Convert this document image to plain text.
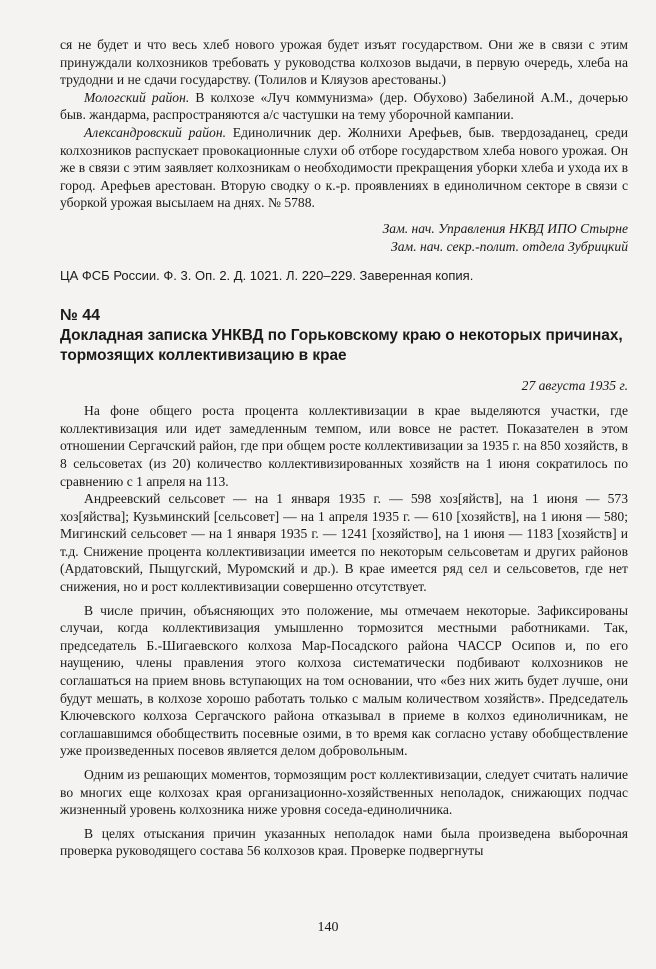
ся не будет и что весь хлеб нового урожая будет изъят государством. Они же в связи с этим принуждали колхозников требовать у руководства колхозов выдачи, в первую очередь, хлеба на трудодни и не сдачи государству. (Толилов и Кляузов арестованы.)

Мологский район. В колхозе «Луч коммунизма» (дер. Обухово) Забелиной А.М., дочерью быв. жандарма, распространяются а/с частушки на тему уборочной кампании.

Александровский район. Единоличник дер. Жолнихи Арефьев, быв. твердозаданец, среди колхозников распускает провокационные слухи об отборе государством хлеба нового урожая. Он же в связи с этим заявляет колхозникам о необходимости прекращения уборки хлеба и ухода их в город. Арефьев арестован. Вторую сводку о к.-р. проявлениях в единоличном секторе в связи с уборкой урожая высылаем на днях. № 5788.

Зам. нач. Управления НКВД ИПО Стырне

Зам. нач. секр.-полит. отдела Зубрицкий

ЦА ФСБ России. Ф. 3. Оп. 2. Д. 1021. Л. 220–229. Заверенная копия.
№ 44
Докладная записка УНКВД по Горьковскому краю о некоторых причинах, тормозящих коллективизацию в крае
27 августа 1935 г.

На фоне общего роста процента коллективизации в крае выделяются участки, где коллективизация или идет замедленным темпом, или вовсе не растет. Показателен в этом отношении Сергачский район, где при общем росте коллективизации за 1935 г. на 850 хозяйств, в 8 сельсоветах (из 20) количество коллективизированных хозяйств на 1 июня сократилось по сравнению с 1 апреля на 113.

Андреевский сельсовет — на 1 января 1935 г. — 598 хоз[яйств], на 1 июня — 573 хоз[яйства]; Кузьминский [сельсовет] — на 1 апреля 1935 г. — 610 [хозяйств], на 1 июня — 580; Мигинский сельсовет — на 1 января 1935 г. — 1241 [хозяйство], на 1 июня — 1183 [хозяйств] и т.д. Снижение процента коллективизации имеется по некоторым сельсоветам и других районов (Ардатовский, Пыщугский, Муромский и др.). В крае имеется ряд сел и сельсоветов, где нет снижения, но и рост коллективизации совершенно отсутствует.

В числе причин, объясняющих это положение, мы отмечаем некоторые. Зафиксированы случаи, когда коллективизация умышленно тормозится местными работниками. Так, председатель Б.-Шигаевского колхоза Мар-Посадского района ЧАССР Осипов и, по его наущению, члены правления этого колхоза систематически подбивают колхозников не соглашаться на прием вновь вступающих на том основании, что «без них жить будет лучше, они будут мешать, в колхозе хорошо работать только с малым количеством хозяйств». Председатель Ключевского колхоза Сергачского района отказывал в приеме в колхоз единоличникам, не соглашавшимся обобществить посевные озими, в то время как согласно уставу обобществление уже произведенных посевов является делом добровольным.

Одним из решающих моментов, тормозящим рост коллективизации, следует считать наличие во многих еще колхозах края организационно-хозяйственных неполадок, снижающих подчас жизненный уровень колхозника ниже уровня соседа-единоличника.

В целях отыскания причин указанных неполадок нами была произведена выборочная проверка руководящего состава 56 колхозов края. Проверке подвергнуты

140
